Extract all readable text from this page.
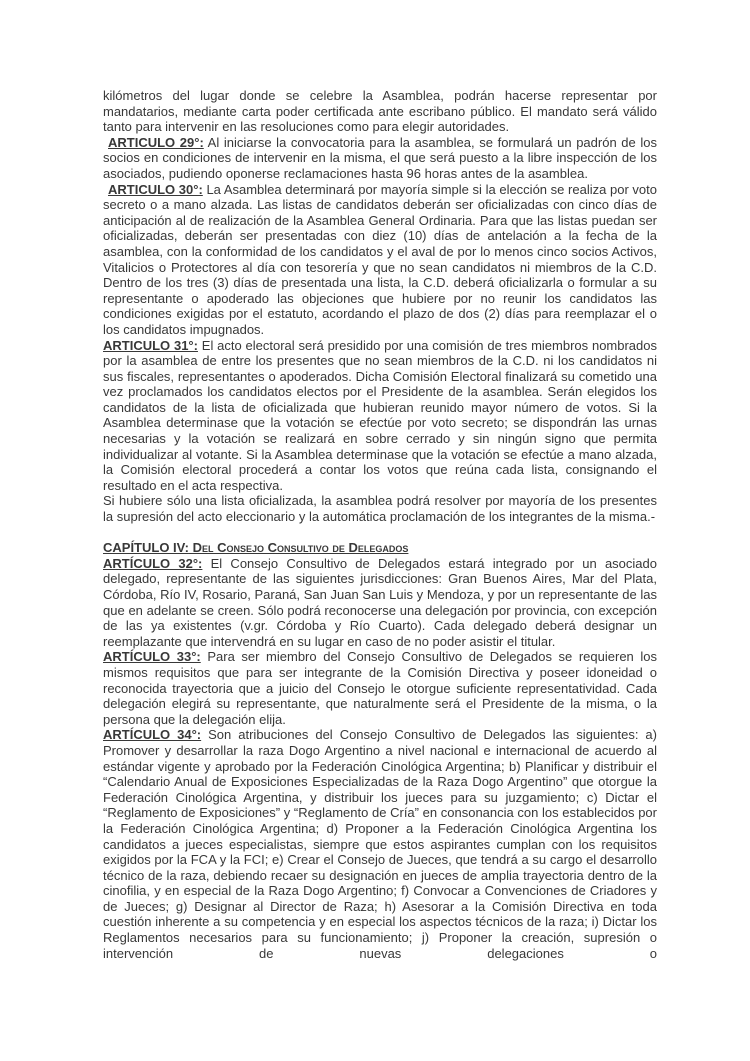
kilómetros del lugar donde se celebre la Asamblea, podrán hacerse representar por mandatarios, mediante carta poder certificada ante escribano público. El mandato será válido tanto para intervenir en las resoluciones como para elegir autoridades.

ARTICULO 29°: Al iniciarse la convocatoria para la asamblea, se formulará un padrón de los socios en condiciones de intervenir en la misma, el que será puesto a la libre inspección de los asociados, pudiendo oponerse reclamaciones hasta 96 horas antes de la asamblea.

ARTICULO 30°: La Asamblea determinará por mayoría simple si la elección se realiza por voto secreto o a mano alzada. Las listas de candidatos deberán ser oficializadas con cinco días de anticipación al de realización de la Asamblea General Ordinaria. Para que las listas puedan ser oficializadas, deberán ser presentadas con diez (10) días de antelación a la fecha de la asamblea, con la conformidad de los candidatos y el aval de por lo menos cinco socios Activos, Vitalicios o Protectores al día con tesorería y que no sean candidatos ni miembros de la C.D. Dentro de los tres (3) días de presentada una lista, la C.D. deberá oficializarla o formular a su representante o apoderado las objeciones que hubiere por no reunir los candidatos las condiciones exigidas por el estatuto, acordando el plazo de dos (2) días para reemplazar el o los candidatos impugnados.

ARTICULO 31°: El acto electoral será presidido por una comisión de tres miembros nombrados por la asamblea de entre los presentes que no sean miembros de la C.D. ni los candidatos ni sus fiscales, representantes o apoderados. Dicha Comisión Electoral finalizará su cometido una vez proclamados los candidatos electos por el Presidente de la asamblea. Serán elegidos los candidatos de la lista de oficializada que hubieran reunido mayor número de votos. Si la Asamblea determinase que la votación se efectúe por voto secreto; se dispondrán las urnas necesarias y la votación se realizará en sobre cerrado y sin ningún signo que permita individualizar al votante. Si la Asamblea determinase que la votación se efectúe a mano alzada, la Comisión electoral procederá a contar los votos que reúna cada lista, consignando el resultado en el acta respectiva.

Si hubiere sólo una lista oficializada, la asamblea podrá resolver por mayoría de los presentes la supresión del acto eleccionario y la automática proclamación de los integrantes de la misma.-

CAPÍTULO IV: Del Consejo Consultivo de Delegados

ARTÍCULO 32°: El Consejo Consultivo de Delegados estará integrado por un asociado delegado, representante de las siguientes jurisdicciones: Gran Buenos Aires, Mar del Plata, Córdoba, Río IV, Rosario, Paraná, San Juan San Luis y Mendoza, y por un representante de las que en adelante se creen. Sólo podrá reconocerse una delegación por provincia, con excepción de las ya existentes (v.gr. Córdoba y Río Cuarto). Cada delegado deberá designar un reemplazante que intervendrá en su lugar en caso de no poder asistir el titular.

ARTÍCULO 33°: Para ser miembro del Consejo Consultivo de Delegados se requieren los mismos requisitos que para ser integrante de la Comisión Directiva y poseer idoneidad o reconocida trayectoria que a juicio del Consejo le otorgue suficiente representatividad. Cada delegación elegirá su representante, que naturalmente será el Presidente de la misma, o la persona que la delegación elija.

ARTÍCULO 34°: Son atribuciones del Consejo Consultivo de Delegados las siguientes: a) Promover y desarrollar la raza Dogo Argentino a nivel nacional e internacional de acuerdo al estándar vigente y aprobado por la Federación Cinológica Argentina; b) Planificar y distribuir el “Calendario Anual de Exposiciones Especializadas de la Raza Dogo Argentino” que otorgue la Federación Cinológica Argentina, y distribuir los jueces para su juzgamiento; c) Dictar el “Reglamento de Exposiciones” y “Reglamento de Cría” en consonancia con los establecidos por la Federación Cinológica Argentina; d) Proponer a la Federación Cinológica Argentina los candidatos a jueces especialistas, siempre que estos aspirantes cumplan con los requisitos exigidos por la FCA y la FCI; e) Crear el Consejo de Jueces, que tendrá a su cargo el desarrollo técnico de la raza, debiendo recaer su designación en jueces de amplia trayectoria dentro de la cinofilia, y en especial de la Raza Dogo Argentino; f) Convocar a Convenciones de Criadores y de Jueces; g) Designar al Director de Raza; h) Asesorar a la Comisión Directiva en toda cuestión inherente a su competencia y en especial los aspectos técnicos de la raza; i) Dictar los Reglamentos necesarios para su funcionamiento; j) Proponer la creación, supresión o intervención de nuevas delegaciones o
